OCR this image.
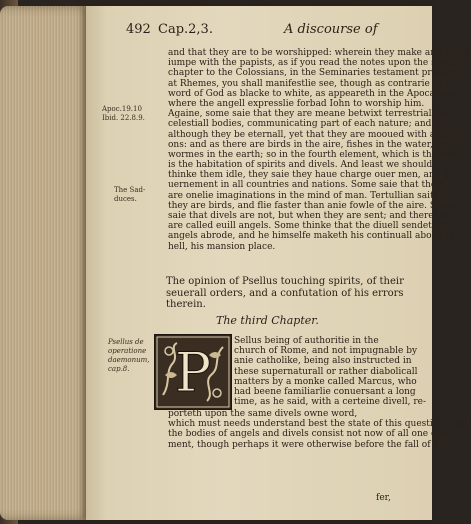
492 Cap.2,3.	A discourse of
Apoc.19.10
Ibid. 22.8.9.
The Sad-
duces.
and that they are to be worshipped: wherein they make and agree
iumpe with the papists, as if you read the notes upon the second
chapter to the Colossians, in the Seminaries testament printed
at Rhemes, you shall manifestlie see, though as contrarie to the
word of God as blacke to white, as appeareth in the Apocalypse,
where the angell expresslie forbad Iohn to worship him.
Againe, some saie that they are meane betwixt terrestriall and
celestiall bodies, communicating part of each nature; and that
although they be eternall, yet that they are mooued with affecti-
ons: and as there are birds in the aire, fishes in the water, and
wormes in the earth; so in the fourth element, which is the fier,
is the habitation of spirits and divels. And least we should
thinke them idle, they saie they haue charge ouer men, and go-
uernement in all countries and nations. Some saie that they
are onelie imaginations in the mind of man. Tertullian saith
they are birds, and flie faster than anie fowle of the aire. Some
saie that divels are not, but when they are sent; and therefore
are called euill angels. Some thinke that the diuell sendeth his
angels abrode, and he himselfe maketh his continuall abode in
hell, his mansion place.
The opinion of Psellus touching spirits, of their
seuerall orders, and a confutation of his errors
therein.
The third Chapter.
Psellus de
operatione
daemonum,
cap.8. P	Sellus being of authoritie in the
church of Rome, and not impugnable by
anie catholike, being also instructed in
these supernaturall or rather diabolicall
matters by a monke called Marcus, who
had beene familiarlie conuersant a long
time, as he said, with a certeine divell, re-
porteth upon the same divels owne word,
which must needs understand best the state of this question, that
the bodies of angels and divels consist not now of all one ele-
ment, though perhaps it were otherwise before the fall of Luci-
fer,
